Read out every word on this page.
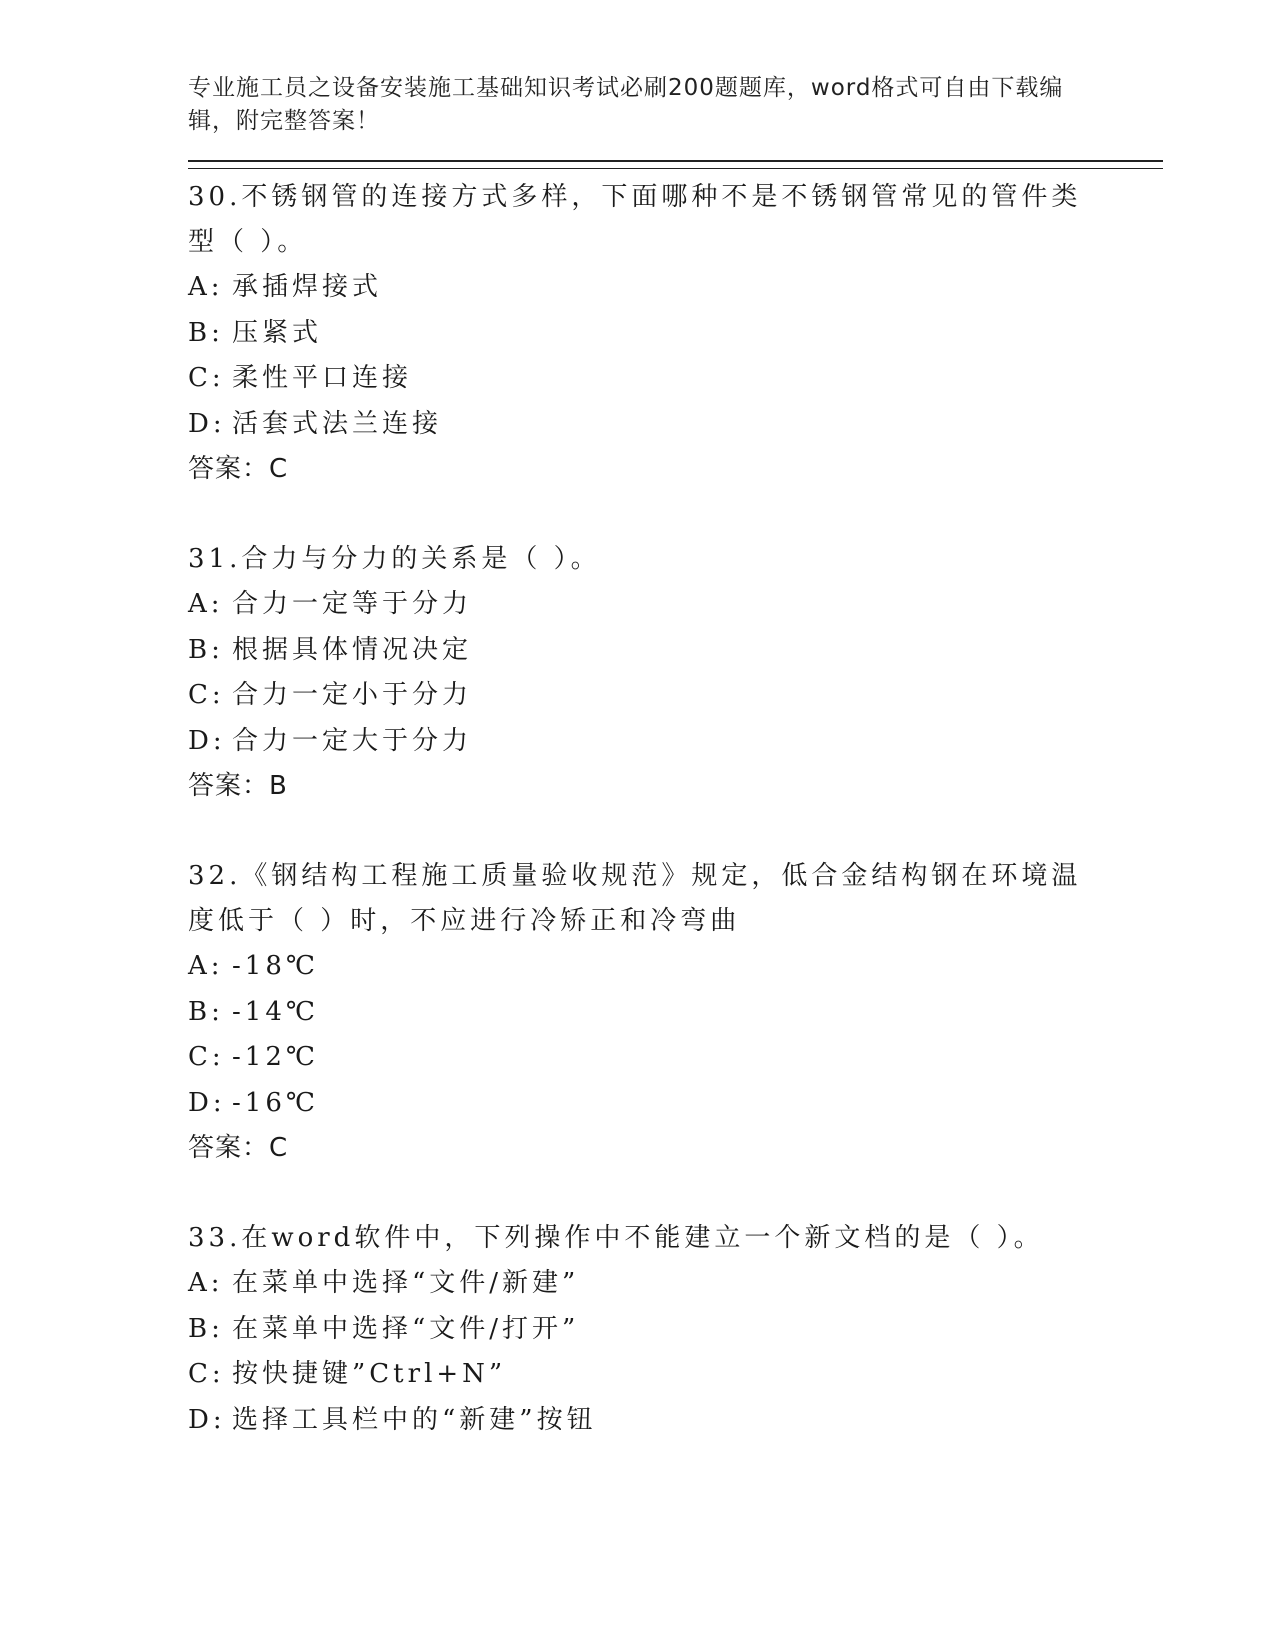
专业施工员之设备安装施工基础知识考试必刷200题题库，word格式可自由下载编辑，附完整答案！
30.不锈钢管的连接方式多样，下面哪种不是不锈钢管常见的管件类型（ ）。
A: 承插焊接式
B: 压紧式
C: 柔性平口连接
D: 活套式法兰连接
答案：C
31.合力与分力的关系是（ ）。
A: 合力一定等于分力
B: 根据具体情况决定
C: 合力一定小于分力
D: 合力一定大于分力
答案：B
32.《钢结构工程施工质量验收规范》规定，低合金结构钢在环境温度低于（ ）时，不应进行冷矫正和冷弯曲
A: -18℃
B: -14℃
C: -12℃
D: -16℃
答案：C
33.在word软件中，下列操作中不能建立一个新文档的是（ ）。
A: 在菜单中选择“文件/新建”
B: 在菜单中选择“文件/打开”
C: 按快捷键”Ctrl+N”
D: 选择工具栏中的“新建”按钮
